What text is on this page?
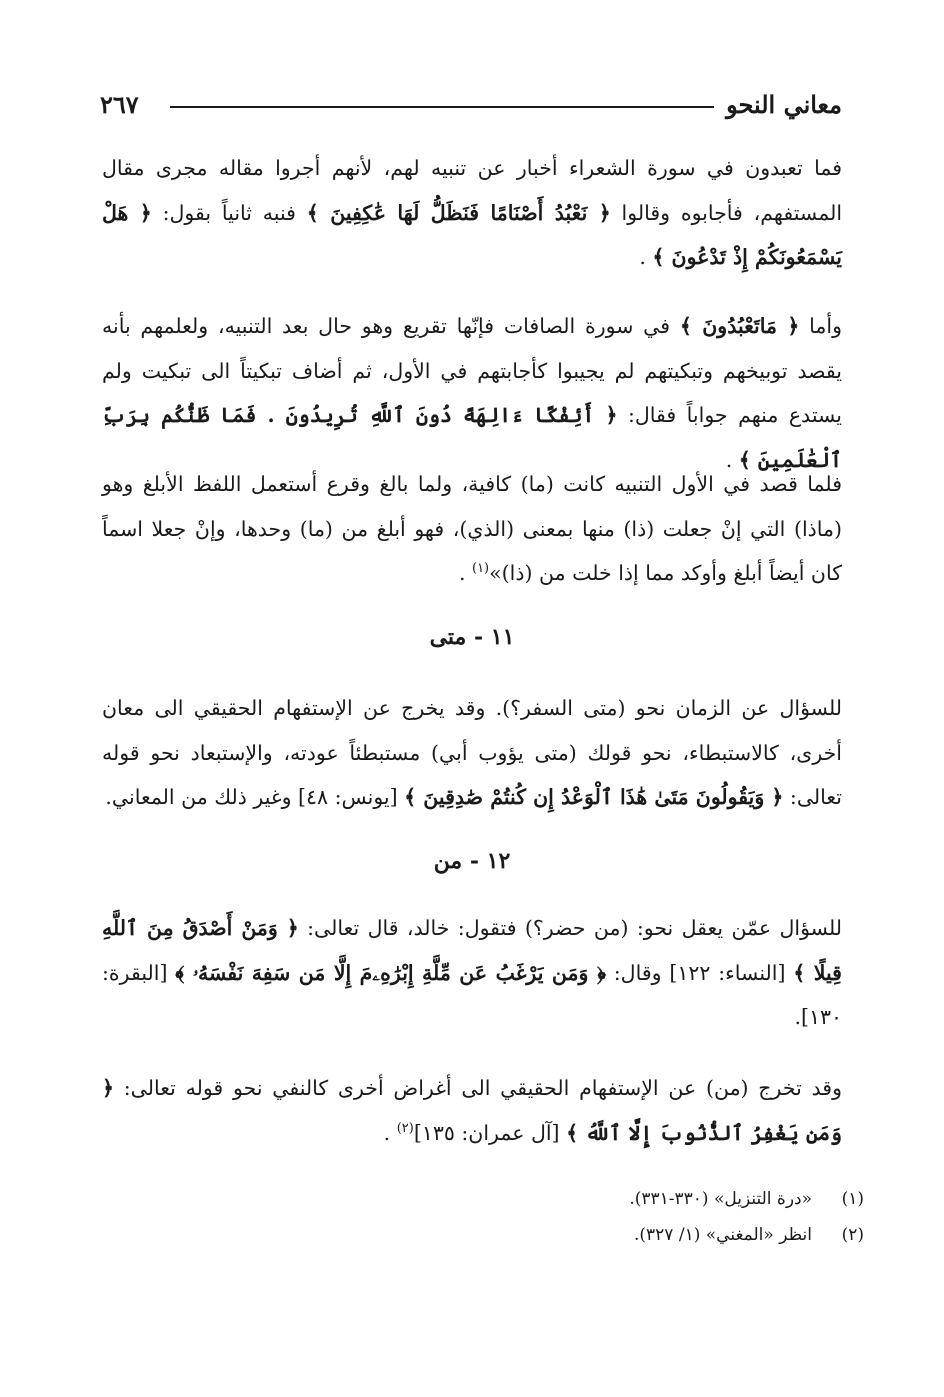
معاني النحو
٢٦٧

فما تعبدون في سورة الشعراء أخبار عن تنبيه لهم، لأنهم أجروا مقاله مجرى مقال المستفهم، فأجابوه وقالوا ﴿ نَعْبُدُ أَصْنَامًا فَنَظَلُّ لَهَا عَٰكِفِينَ ﴾ فنبه ثانياً بقول: ﴿ هَلْ يَسْمَعُونَكُمْ إِذْ تَدْعُونَ ﴾ .

وأما ﴿ مَاتَعْبُدُونَ ﴾ في سورة الصافات فإنّها تقريع وهو حال بعد التنبيه، ولعلمهم بأنه يقصد توبيخهم وتبكيتهم لم يجيبوا كأجابتهم في الأول، ثم أضاف تبكيتاً الى تبكيت ولم يستدع منهم جواباً فقال: ﴿ أَئِفْكًا ءَالِهَةً دُونَ ٱللَّهِ تُرِيدُونَ . فَمَا ظَنُّكُم بِرَبِّ ٱلْعَٰلَمِينَ ﴾ .

فلما قصد في الأول التنبيه كانت (ما) كافية، ولما بالغ وقرع أستعمل اللفظ الأبلغ وهو (ماذا) التي إنْ جعلت (ذا) منها بمعنى (الذي)، فهو أبلغ من (ما) وحدها، وإنْ جعلا اسماً كان أيضاً أبلغ وأوكد مما إذا خلت من (ذا)»$^{(١)}$ .

١١ - متى

للسؤال عن الزمان نحو (متى السفر؟). وقد يخرج عن الإستفهام الحقيقي الى معان أخرى، كالاستبطاء، نحو قولك (متى يؤوب أبي) مستبطئاً عودته، والإستبعاد نحو قوله تعالى: ﴿ وَيَقُولُونَ مَتَىٰ هَٰذَا ٱلْوَعْدُ إِن كُنتُمْ صَٰدِقِينَ ﴾ [يونس: ٤٨] وغير ذلك من المعاني.

١٢ - من

للسؤال عمّن يعقل نحو: (من حضر؟) فتقول: خالد، قال تعالى: ﴿ وَمَنْ أَصْدَقُ مِنَ ٱللَّهِ قِيلًا ﴾ [النساء: ١٢٢] وقال: ﴿ وَمَن يَرْغَبُ عَن مِّلَّةِ إِبْرَٰهِۦمَ إِلَّا مَن سَفِهَ نَفْسَهُۥ ﴾ [البقرة: ١٣٠].

وقد تخرج (من) عن الإستفهام الحقيقي الى أغراض أخرى كالنفي نحو قوله تعالى: ﴿ وَمَن يَغْفِرُ ٱلذُّنُوبَ إِلَّا ٱللَّهُ ﴾ [آل عمران: ١٣٥]$^{(٢)}$ .

(١)«درة التنزيل» (٣٣٠-٣٣١).

(٢)انظر «المغني» (١/ ٣٢٧).
